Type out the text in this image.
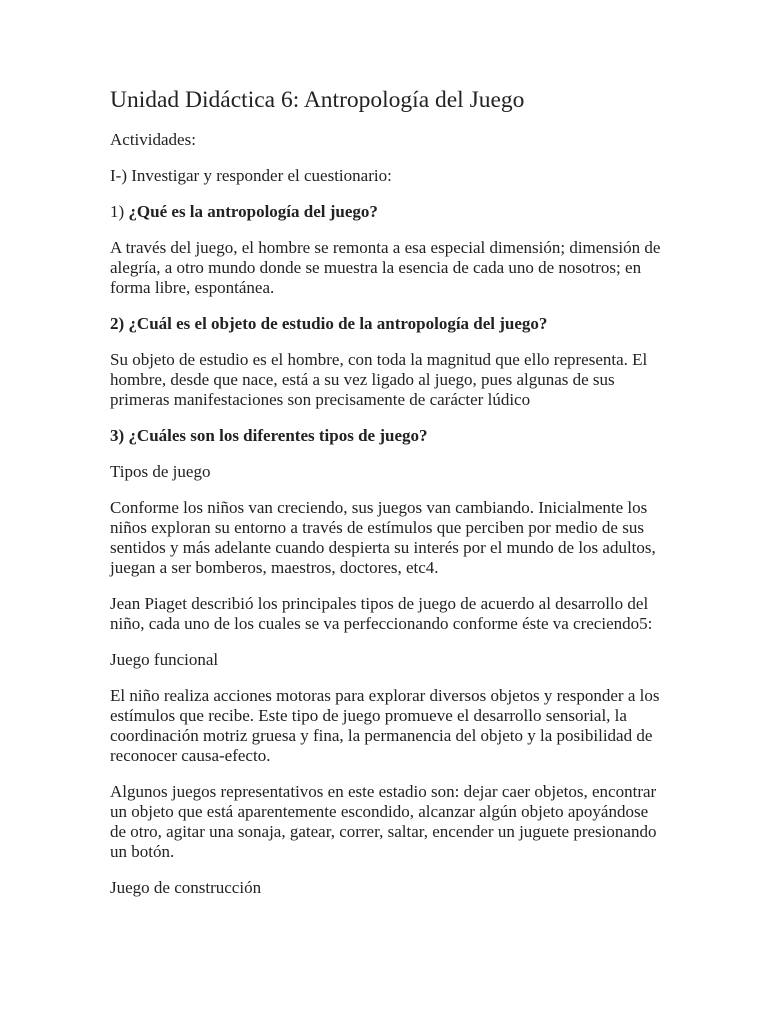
Unidad Didáctica 6: Antropología del Juego

Actividades:

I-) Investigar y responder el cuestionario:

1) ¿Qué es la antropología del juego?

A través del juego, el hombre se remonta a esa especial dimensión; dimensión de alegría, a otro mundo donde se muestra la esencia de cada uno de nosotros; en forma libre, espontánea.

2) ¿Cuál es el objeto de estudio de la antropología del juego?

Su objeto de estudio es el hombre, con toda la magnitud que ello representa. El hombre, desde que nace, está a su vez ligado al juego, pues algunas de sus primeras manifestaciones son precisamente de carácter lúdico

3) ¿Cuáles son los diferentes tipos de juego?

Tipos de juego

Conforme los niños van creciendo, sus juegos van cambiando. Inicialmente los niños exploran su entorno a través de estímulos que perciben por medio de sus sentidos y más adelante cuando despierta su interés por el mundo de los adultos, juegan a ser bomberos, maestros, doctores, etc4.

Jean Piaget describió los principales tipos de juego de acuerdo al desarrollo del niño, cada uno de los cuales se va perfeccionando conforme éste va creciendo5:

Juego funcional

El niño realiza acciones motoras para explorar diversos objetos y responder a los estímulos que recibe. Este tipo de juego promueve el desarrollo sensorial, la coordinación motriz gruesa y fina, la permanencia del objeto y la posibilidad de reconocer causa-efecto.

Algunos juegos representativos en este estadio son: dejar caer objetos, encontrar un objeto que está aparentemente escondido, alcanzar algún objeto apoyándose de otro, agitar una sonaja, gatear, correr, saltar, encender un juguete presionando un botón.

Juego de construcción
